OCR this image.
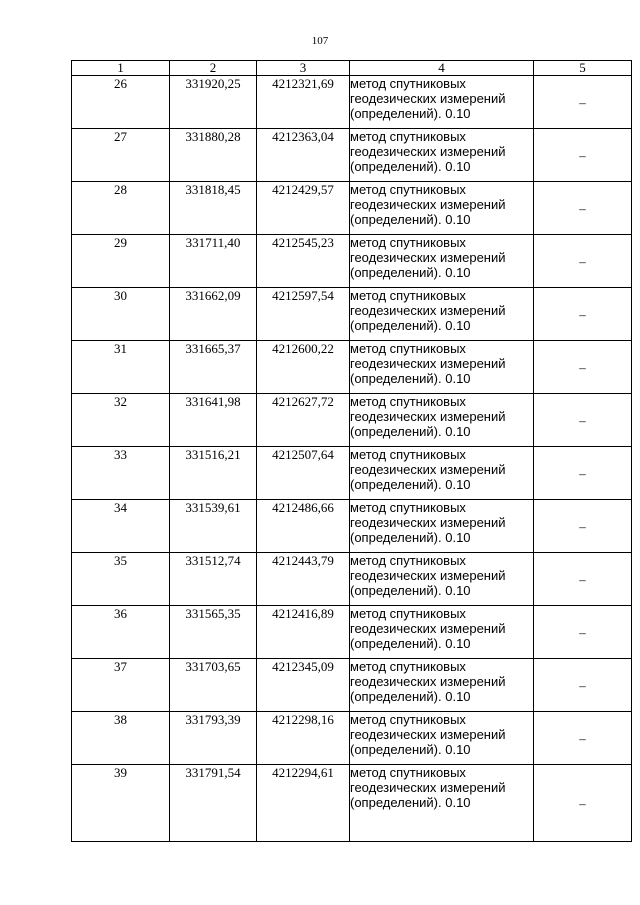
107
1	2	3	4	5
26	331920,25	4212321,69	метод спутниковых
геодезических измерений
(определений). 0.10	–
27	331880,28	4212363,04	метод спутниковых
геодезических измерений
(определений). 0.10	–
28	331818,45	4212429,57	метод спутниковых
геодезических измерений
(определений). 0.10	–
29	331711,40	4212545,23	метод спутниковых
геодезических измерений
(определений). 0.10	–
30	331662,09	4212597,54	метод спутниковых
геодезических измерений
(определений). 0.10	–
31	331665,37	4212600,22	метод спутниковых
геодезических измерений
(определений). 0.10	–
32	331641,98	4212627,72	метод спутниковых
геодезических измерений
(определений). 0.10	–
33	331516,21	4212507,64	метод спутниковых
геодезических измерений
(определений). 0.10	–
34	331539,61	4212486,66	метод спутниковых
геодезических измерений
(определений). 0.10	–
35	331512,74	4212443,79	метод спутниковых
геодезических измерений
(определений). 0.10	–
36	331565,35	4212416,89	метод спутниковых
геодезических измерений
(определений). 0.10	–
37	331703,65	4212345,09	метод спутниковых
геодезических измерений
(определений). 0.10	–
38	331793,39	4212298,16	метод спутниковых
геодезических измерений
(определений). 0.10	–
39	331791,54	4212294,61	метод спутниковых
геодезических измерений
(определений). 0.10	–
